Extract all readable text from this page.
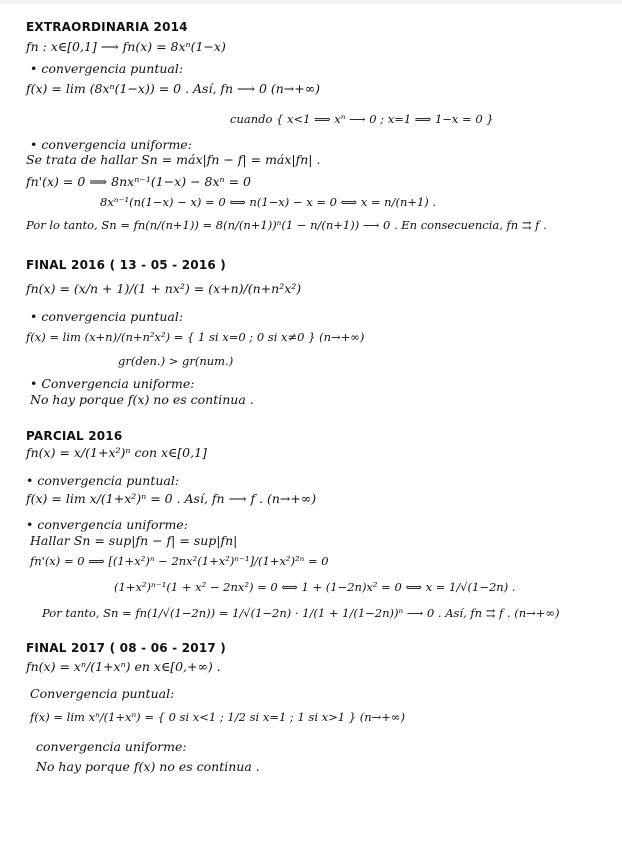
EXTRAORDINARIA 2014
fn : x∈[0,1] ⟶ fn(x) = 8xⁿ(1−x)
• convergencia puntual:
f(x) = lim (8xⁿ(1−x)) = 0 . Así, fn ⟶ 0 (n→+∞)
cuando { x<1 ⟹ xⁿ ⟶ 0 ; x=1 ⟹ 1−x = 0 }
• convergencia uniforme:
Se trata de hallar Sn = máx|fn − f| = máx|fn| .
fn'(x) = 0 ⟹ 8nxⁿ⁻¹(1−x) − 8xⁿ = 0
8xⁿ⁻¹(n(1−x) − x) = 0 ⟺ n(1−x) − x = 0 ⟺ x = n/(n+1) .
Por lo tanto, Sn = fn(n/(n+1)) = 8(n/(n+1))ⁿ(1 − n/(n+1)) ⟶ 0 . En consecuencia, fn ⇉ f .
FINAL 2016 ( 13 - 05 - 2016 )
fn(x) = (x/n + 1)/(1 + nx²) = (x+n)/(n+n²x²)
• convergencia puntual:
f(x) = lim (x+n)/(n+n²x²) = { 1 si x=0 ; 0 si x≠0 } (n→+∞)
gr(den.) > gr(num.)
• Convergencia uniforme:
No hay porque f(x) no es continua .
PARCIAL 2016
fn(x) = x/(1+x²)ⁿ con x∈[0,1]
• convergencia puntual:
f(x) = lim x/(1+x²)ⁿ = 0 . Así, fn ⟶ f . (n→+∞)
• convergencia uniforme:
Hallar Sn = sup|fn − f| = sup|fn|
fn'(x) = 0 ⟹ [(1+x²)ⁿ − 2nx²(1+x²)ⁿ⁻¹]/(1+x²)²ⁿ = 0
(1+x²)ⁿ⁻¹(1 + x² − 2nx²) = 0 ⟺ 1 + (1−2n)x² = 0 ⟺ x = 1/√(1−2n) .
Por tanto, Sn = fn(1/√(1−2n)) = 1/√(1−2n) · 1/(1 + 1/(1−2n))ⁿ ⟶ 0 . Así, fn ⇉ f . (n→+∞)
FINAL 2017 ( 08 - 06 - 2017 )
fn(x) = xⁿ/(1+xⁿ) en x∈[0,+∞) .
Convergencia puntual:
f(x) = lim xⁿ/(1+xⁿ) = { 0 si x<1 ; 1/2 si x=1 ; 1 si x>1 } (n→+∞)
convergencia uniforme:
No hay porque f(x) no es continua .
